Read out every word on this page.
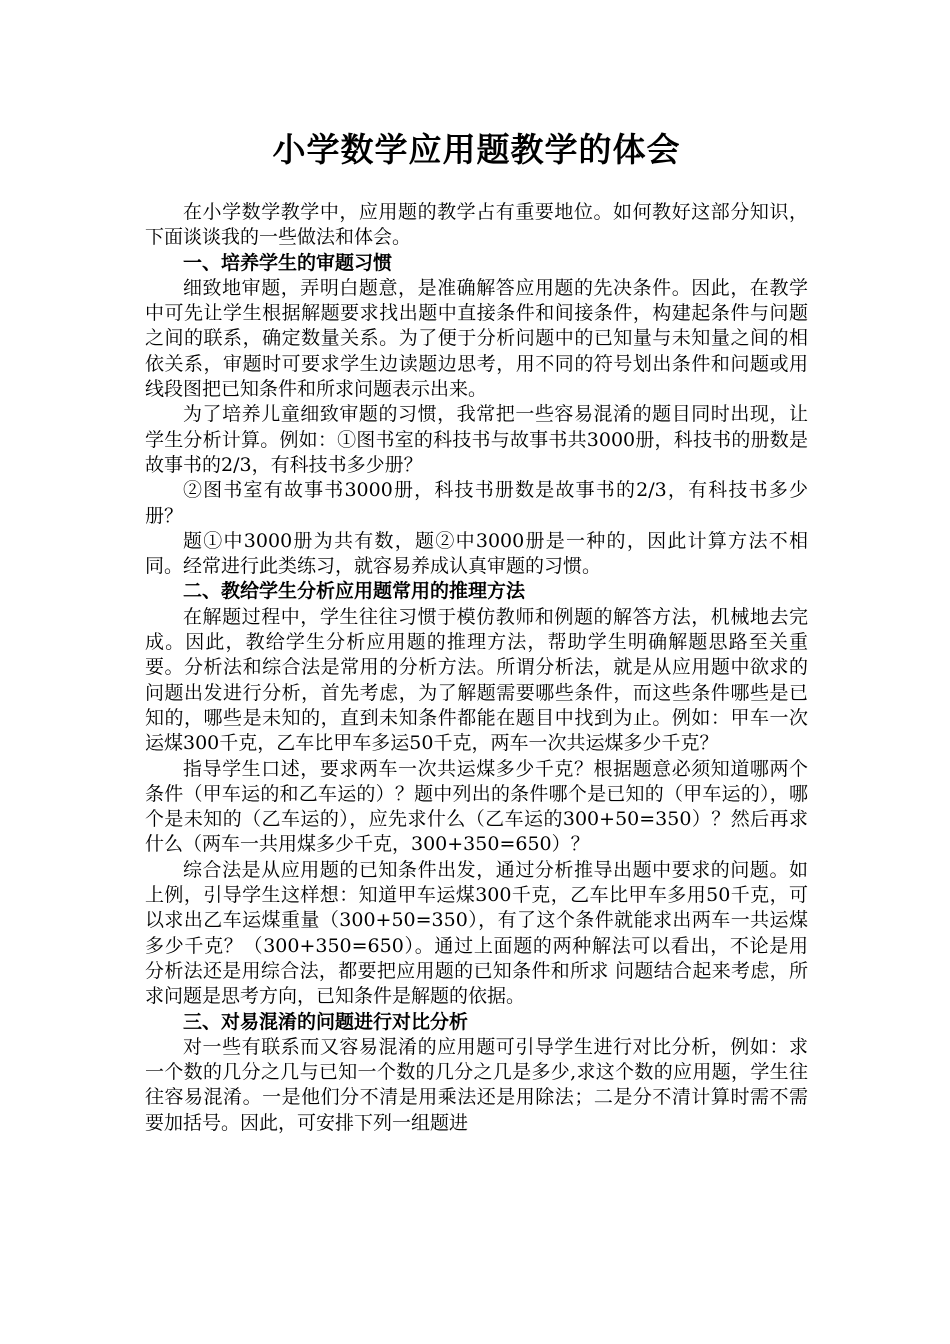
小学数学应用题教学的体会

在小学数学教学中，应用题的教学占有重要地位。如何教好这部分知识，下面谈谈我的一些做法和体会。

一、培养学生的审题习惯

细致地审题，弄明白题意，是准确解答应用题的先决条件。因此，在教学中可先让学生根据解题要求找出题中直接条件和间接条件，构建起条件与问题之间的联系，确定数量关系。为了便于分析问题中的已知量与未知量之间的相依关系，审题时可要求学生边读题边思考，用不同的符号划出条件和问题或用线段图把已知条件和所求问题表示出来。

为了培养儿童细致审题的习惯，我常把一些容易混淆的题目同时出现，让学生分析计算。例如：①图书室的科技书与故事书共3000册，科技书的册数是故事书的2/3，有科技书多少册？

②图书室有故事书3000册，科技书册数是故事书的2/3，有科技书多少册？

题①中3000册为共有数，题②中3000册是一种的，因此计算方法不相同。经常进行此类练习，就容易养成认真审题的习惯。

二、教给学生分析应用题常用的推理方法

在解题过程中，学生往往习惯于模仿教师和例题的解答方法，机械地去完成。因此，教给学生分析应用题的推理方法，帮助学生明确解题思路至关重要。分析法和综合法是常用的分析方法。所谓分析法，就是从应用题中欲求的问题出发进行分析，首先考虑，为了解题需要哪些条件，而这些条件哪些是已知的，哪些是未知的，直到未知条件都能在题目中找到为止。例如：甲车一次运煤300千克，乙车比甲车多运50千克，两车一次共运煤多少千克？

指导学生口述，要求两车一次共运煤多少千克？根据题意必须知道哪两个条件（甲车运的和乙车运的）？题中列出的条件哪个是已知的（甲车运的），哪个是未知的（乙车运的），应先求什么（乙车运的300+50=350）？然后再求什么（两车一共用煤多少千克，300+350=650）？

综合法是从应用题的已知条件出发，通过分析推导出题中要求的问题。如上例，引导学生这样想：知道甲车运煤300千克，乙车比甲车多用50千克，可以求出乙车运煤重量（300+50=350），有了这个条件就能求出两车一共运煤多少千克？（300+350=650）。通过上面题的两种解法可以看出，不论是用分析法还是用综合法，都要把应用题的已知条件和所求 问题结合起来考虑，所求问题是思考方向，已知条件是解题的依据。

三、对易混淆的问题进行对比分析

对一些有联系而又容易混淆的应用题可引导学生进行对比分析，例如：求一个数的几分之几与已知一个数的几分之几是多少,求这个数的应用题，学生往往容易混淆。一是他们分不清是用乘法还是用除法；二是分不清计算时需不需要加括号。因此，可安排下列一组题进
